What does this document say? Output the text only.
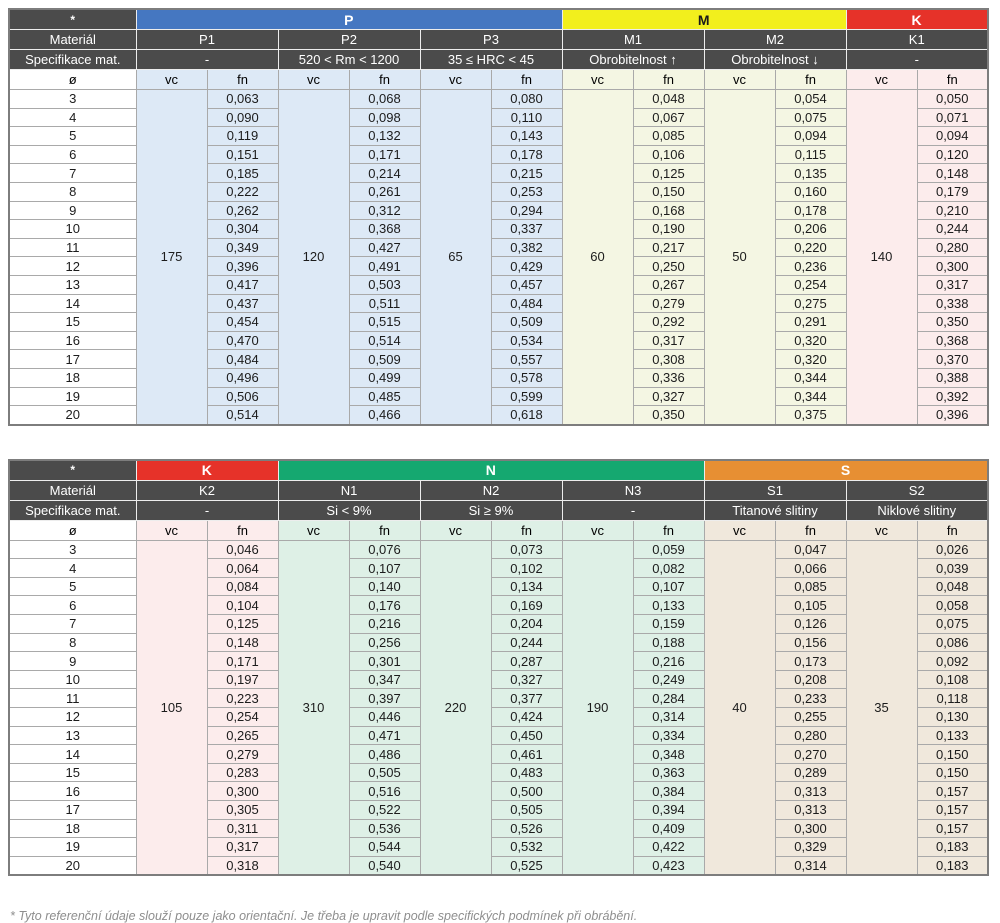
*	P						M				K	
Materiál	P1		P2		P3		M1		M2		K1	
Specifikace mat.	-		520 < Rm < 1200		35 ≤ HRC < 45		Obrobitelnost ↑		Obrobitelnost ↓		-	
ø	vc	fn	vc	fn	vc	fn	vc	fn	vc	fn	vc	fn
3	175	0,063	120	0,068	65	0,080	60	0,048	50	0,054	140	0,050
4		0,090		0,098		0,110		0,067		0,075		0,071
5		0,119		0,132		0,143		0,085		0,094		0,094
6		0,151		0,171		0,178		0,106		0,115		0,120
7		0,185		0,214		0,215		0,125		0,135		0,148
8		0,222		0,261		0,253		0,150		0,160		0,179
9		0,262		0,312		0,294		0,168		0,178		0,210
10		0,304		0,368		0,337		0,190		0,206		0,244
11		0,349		0,427		0,382		0,217		0,220		0,280
12		0,396		0,491		0,429		0,250		0,236		0,300
13		0,417		0,503		0,457		0,267		0,254		0,317
14		0,437		0,511		0,484		0,279		0,275		0,338
15		0,454		0,515		0,509		0,292		0,291		0,350
16		0,470		0,514		0,534		0,317		0,320		0,368
17		0,484		0,509		0,557		0,308		0,320		0,370
18		0,496		0,499		0,578		0,336		0,344		0,388
19		0,506		0,485		0,599		0,327		0,344		0,392
20		0,514		0,466		0,618		0,350		0,375		0,396
*	K		N						S			
Materiál	K2		N1		N2		N3		S1		S2	
Specifikace mat.	-		Si < 9%		Si ≥ 9%		-		Titanové slitiny		Niklové slitiny	
ø	vc	fn	vc	fn	vc	fn	vc	fn	vc	fn	vc	fn
3	105	0,046	310	0,076	220	0,073	190	0,059	40	0,047	35	0,026
4		0,064		0,107		0,102		0,082		0,066		0,039
5		0,084		0,140		0,134		0,107		0,085		0,048
6		0,104		0,176		0,169		0,133		0,105		0,058
7		0,125		0,216		0,204		0,159		0,126		0,075
8		0,148		0,256		0,244		0,188		0,156		0,086
9		0,171		0,301		0,287		0,216		0,173		0,092
10		0,197		0,347		0,327		0,249		0,208		0,108
11		0,223		0,397		0,377		0,284		0,233		0,118
12		0,254		0,446		0,424		0,314		0,255		0,130
13		0,265		0,471		0,450		0,334		0,280		0,133
14		0,279		0,486		0,461		0,348		0,270		0,150
15		0,283		0,505		0,483		0,363		0,289		0,150
16		0,300		0,516		0,500		0,384		0,313		0,157
17		0,305		0,522		0,505		0,394		0,313		0,157
18		0,311		0,536		0,526		0,409		0,300		0,157
19		0,317		0,544		0,532		0,422		0,329		0,183
20		0,318		0,540		0,525		0,423		0,314		0,183

* Tyto referenční údaje slouží pouze jako orientační. Je třeba je upravit podle specifických podmínek při obrábění.
